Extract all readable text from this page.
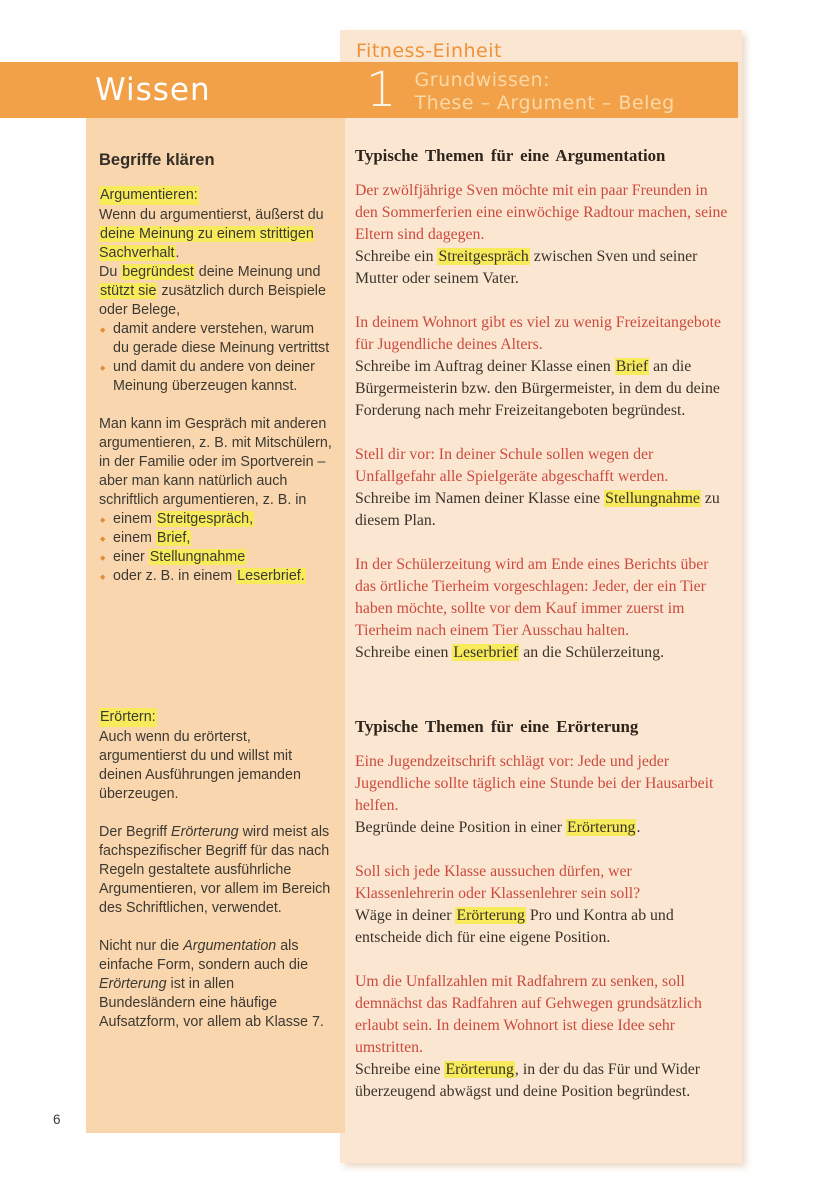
Fitness-Einheit
Typische Themen für eine Argumentation

Der zwölfjährige Sven möchte mit ein paar Freunden in den Sommerferien eine einwöchige Radtour machen, seine Eltern sind dagegen.

Schreibe ein Streitgespräch zwischen Sven und seiner Mutter oder seinem Vater.

In deinem Wohnort gibt es viel zu wenig Freizeitangebote für Jugendliche deines Alters.

Schreibe im Auftrag deiner Klasse einen Brief an die Bürgermeisterin bzw. den Bürgermeister, in dem du deine Forderung nach mehr Freizeitangeboten begründest.

Stell dir vor: In deiner Schule sollen wegen der Unfallgefahr alle Spielgeräte abgeschafft werden.

Schreibe im Namen deiner Klasse eine Stellungnahme zu diesem Plan.

In der Schülerzeitung wird am Ende eines Berichts über das örtliche Tierheim vorgeschlagen: Jeder, der ein Tier haben möchte, sollte vor dem Kauf immer zuerst im Tierheim nach einem Tier Ausschau halten.

Schreibe einen Leserbrief an die Schülerzeitung.

Typische Themen für eine Erörterung

Eine Jugendzeitschrift schlägt vor: Jede und jeder Jugendliche sollte täglich eine Stunde bei der Hausarbeit helfen.

Begründe deine Position in einer Erörterung.

Soll sich jede Klasse aussuchen dürfen, wer Klassenlehrerin oder Klassenlehrer sein soll?

Wäge in deiner Erörterung Pro und Kontra ab und entscheide dich für eine eigene Position.

Um die Unfallzahlen mit Radfahrern zu senken, soll demnächst das Radfahren auf Gehwegen grundsätzlich erlaubt sein. In deinem Wohnort ist diese Idee sehr umstritten.

Schreibe eine Erörterung, in der du das Für und Wider überzeugend abwägst und deine Position begründest.

Wissen	1 Grundwissen:
These – Argument – Beleg
Begriffe klären
Argumentieren:

Wenn du argumentierst, äußerst du deine Meinung zu einem strittigen Sachverhalt.

Du begründest deine Meinung und stützt sie zusätzlich durch Beispiele oder Belege,

◆ damit andere verstehen, warum du gerade diese Meinung vertrittst
◆ und damit du andere von deiner Meinung überzeugen kannst.

Man kann im Gespräch mit anderen argumentieren, z. B. mit Mitschülern, in der Familie oder im Sportverein – aber man kann natürlich auch schriftlich argumentieren, z. B. in

◆ einem Streitgespräch,
◆ einem Brief,
◆ einer Stellungnahme
◆ oder z. B. in einem Leserbrief.
Erörtern:

Auch wenn du erörterst, argumentierst du und willst mit deinen Ausführungen jemanden überzeugen.

Der Begriff Erörterung wird meist als fachspezifischer Begriff für das nach Regeln gestaltete ausführliche Argumentieren, vor allem im Bereich des Schriftlichen, verwendet.

Nicht nur die Argumentation als einfache Form, sondern auch die Erörterung ist in allen Bundesländern eine häufige Aufsatzform, vor allem ab Klasse 7.

6
